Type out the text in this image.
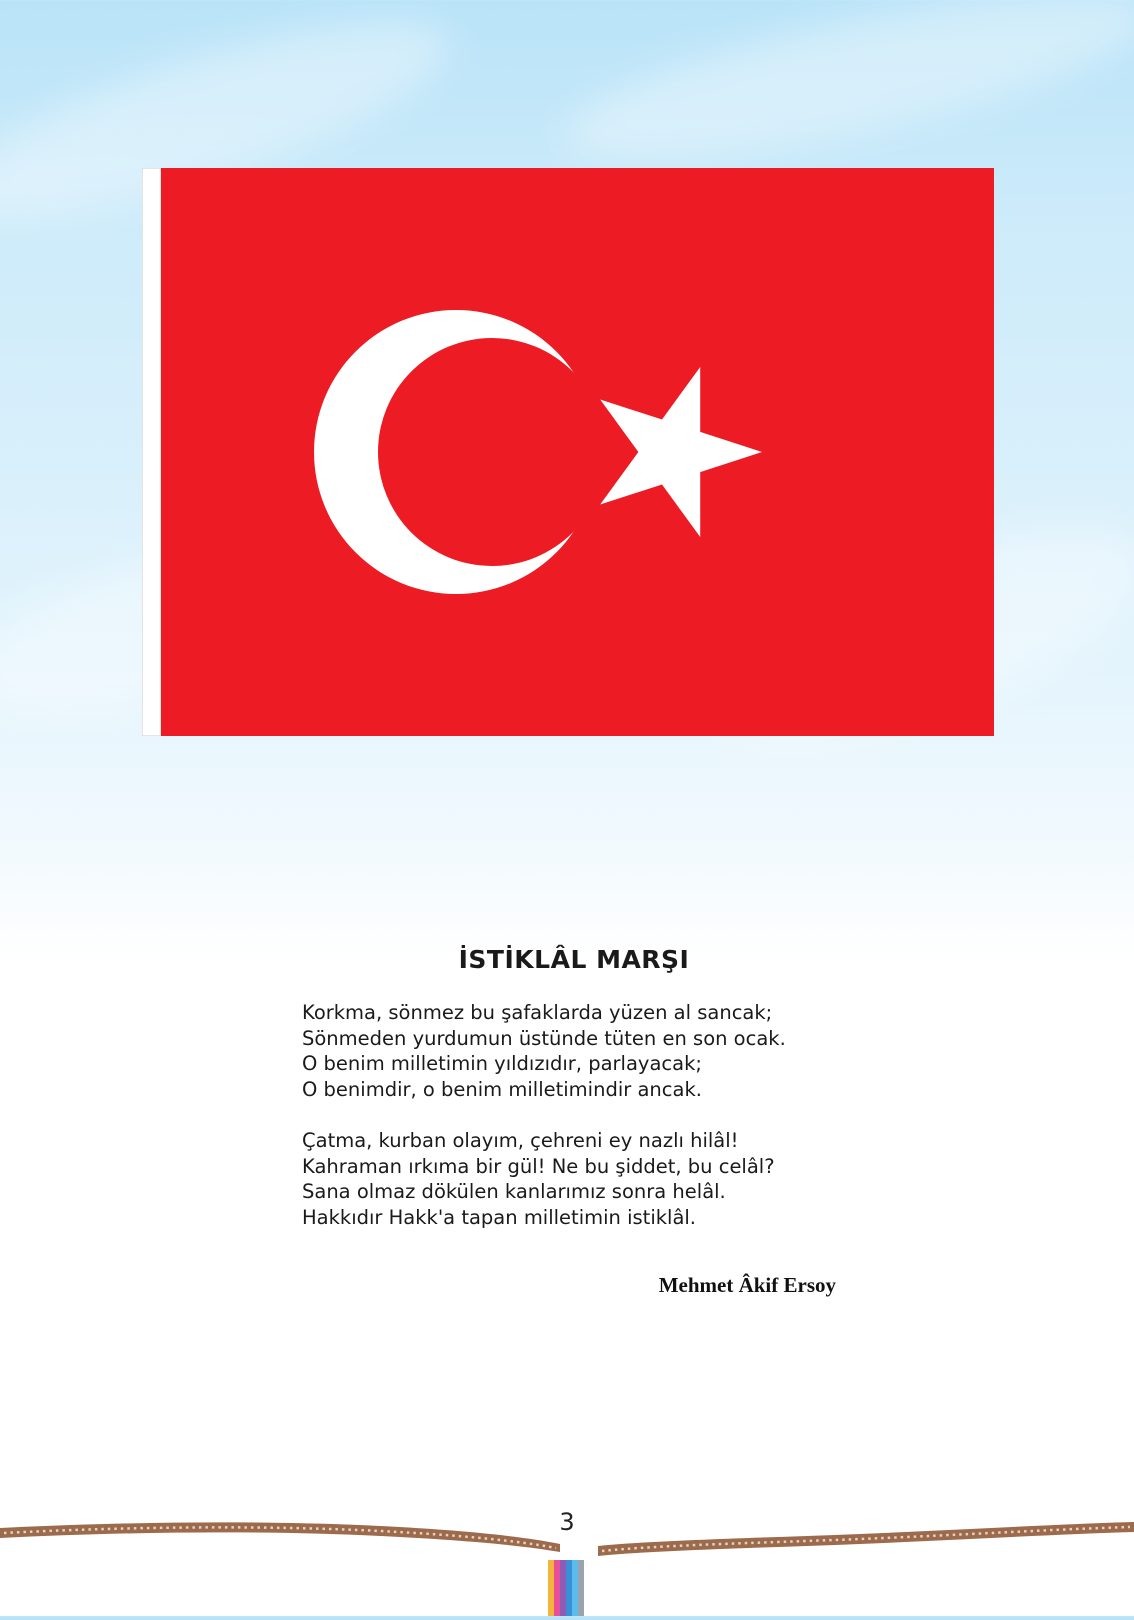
İSTİKLÂL MARŞI
Korkma, sönmez bu şafaklarda yüzen al sancak;
Sönmeden yurdumun üstünde tüten en son ocak.
O benim milletimin yıldızıdır, parlayacak;
O benimdir, o benim milletimindir ancak.
Çatma, kurban olayım, çehreni ey nazlı hilâl!
Kahraman ırkıma bir gül! Ne bu şiddet, bu celâl?
Sana olmaz dökülen kanlarımız sonra helâl.
Hakkıdır Hakk'a tapan milletimin istiklâl.
Mehmet Âkif Ersoy
3
